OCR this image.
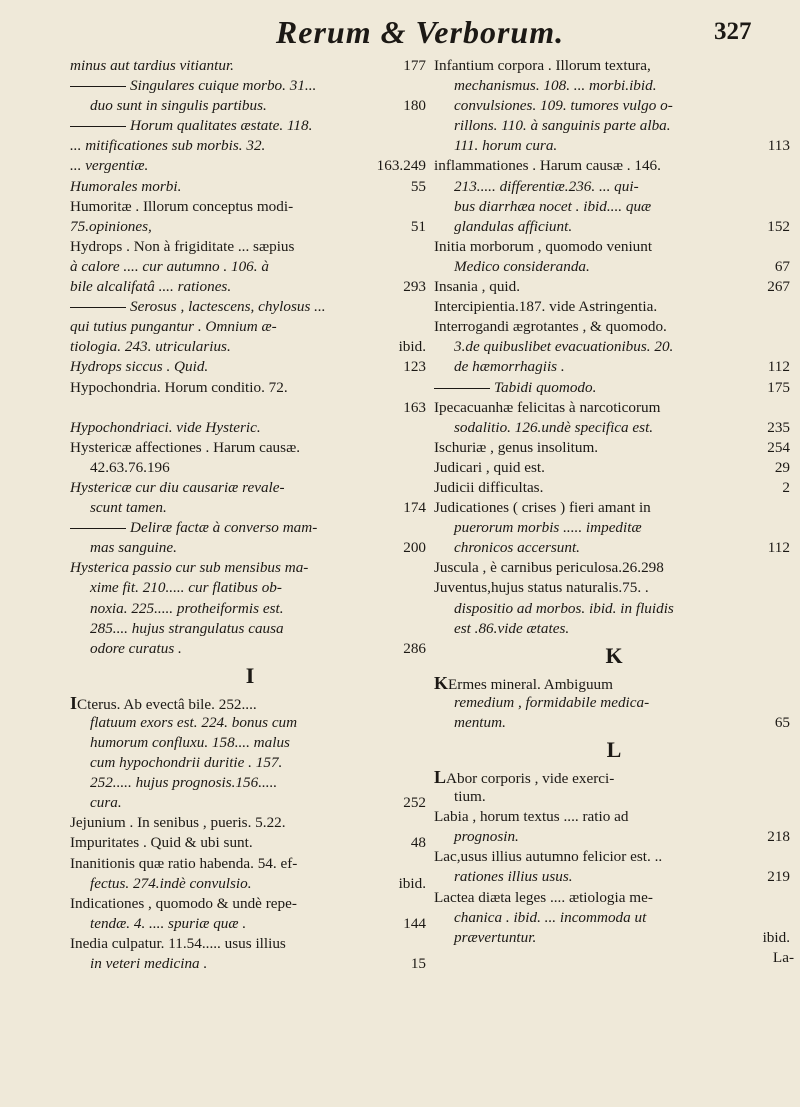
Rerum & Verborum.	327
177
minus aut tardius vitiantur.
Singulares cuique morbo. 31...
180
duo sunt in singulis partibus.
Horum qualitates æstate. 118.
... mitificationes sub morbis. 32.
163.249
... vergentiæ.
55
Humorales morbi.
Humoritæ . Illorum conceptus modi-
51
75.opiniones,
Hydrops . Non à frigiditate ... sæpius
à calore .... cur autumno . 106. à
293
bile alcalifatâ .... rationes.
Serosus , lactescens, chylosus ...
qui tutius pungantur . Omnium æ-
ibid.
tiologia. 243. utricularius.
123
Hydrops siccus . Quid.
Hypochondria. Horum conditio. 72.
163
Hypochondriaci. vide Hysteric.
Hystericæ affectiones . Harum causæ.
42.63.76.196
Hystericæ cur diu causariæ revale-
174
scunt tamen.
Deliræ factæ à converso mam-
200
mas sanguine.
Hysterica passio cur sub mensibus ma-
xime fit. 210..... cur flatibus ob-
noxia. 225..... protheiformis est.
285.... hujus strangulatus causa
286
odore curatus .
I
ICterus. Ab evectâ bile. 252....
flatuum exors est. 224. bonus cum
humorum confluxu. 158.... malus
cum hypochondrii duritie . 157.
252..... hujus prognosis.156.....
252
cura.
Jejunium . In senibus , pueris. 5.22.
48
Impuritates . Quid & ubi sunt.
Inanitionis quæ ratio habenda. 54. ef-
ibid.
fectus. 274.indè convulsio.
Indicationes , quomodo & undè repe-
144
tendæ. 4. .... spuriæ quæ .
Inedia culpatur. 11.54..... usus illius
15
in veteri medicina .
Infantium corpora . Illorum textura,
mechanismus. 108. ... morbi.ibid.
convulsiones. 109. tumores vulgo o-
rillons. 110. à sanguinis parte alba.
113
111. horum cura.
inflammationes . Harum causæ . 146.
213..... differentiæ.236. ... qui-
bus diarrhæa nocet . ibid.... quæ
152
glandulas afficiunt.
Initia morborum , quomodo veniunt
67
Medico consideranda.
267
Insania , quid.
Intercipientia.187. vide Astringentia.
Interrogandi ægrotantes , & quomodo.
3.de quibuslibet evacuationibus. 20.
112
de hæmorrhagiis .
175
Tabidi quomodo.
Ipecacuanhæ felicitas à narcoticorum
235
sodalitio. 126.undè specifica est.
254
Ischuriæ , genus insolitum.
29
Judicari , quid est.
2
Judicii difficultas.
Judicationes ( crises ) fieri amant in
puerorum morbis ..... impeditæ
112
chronicos accersunt.
Juscula , è carnibus periculosa.26.298
Juventus,hujus status naturalis.75. .
dispositio ad morbos. ibid. in fluidis
est .86.vide ætates.
K
KErmes mineral. Ambiguum
remedium , formidabile medica-
65
mentum.
L
LAbor corporis , vide exerci-
tium.
Labia , horum textus .... ratio ad
218
prognosin.
Lac,usus illius autumno felicior est. ..
219
rationes illius usus.
Lactea diæta leges .... ætiologia me-
chanica . ibid. ... incommoda ut
ibid.
prævertuntur.
La-
